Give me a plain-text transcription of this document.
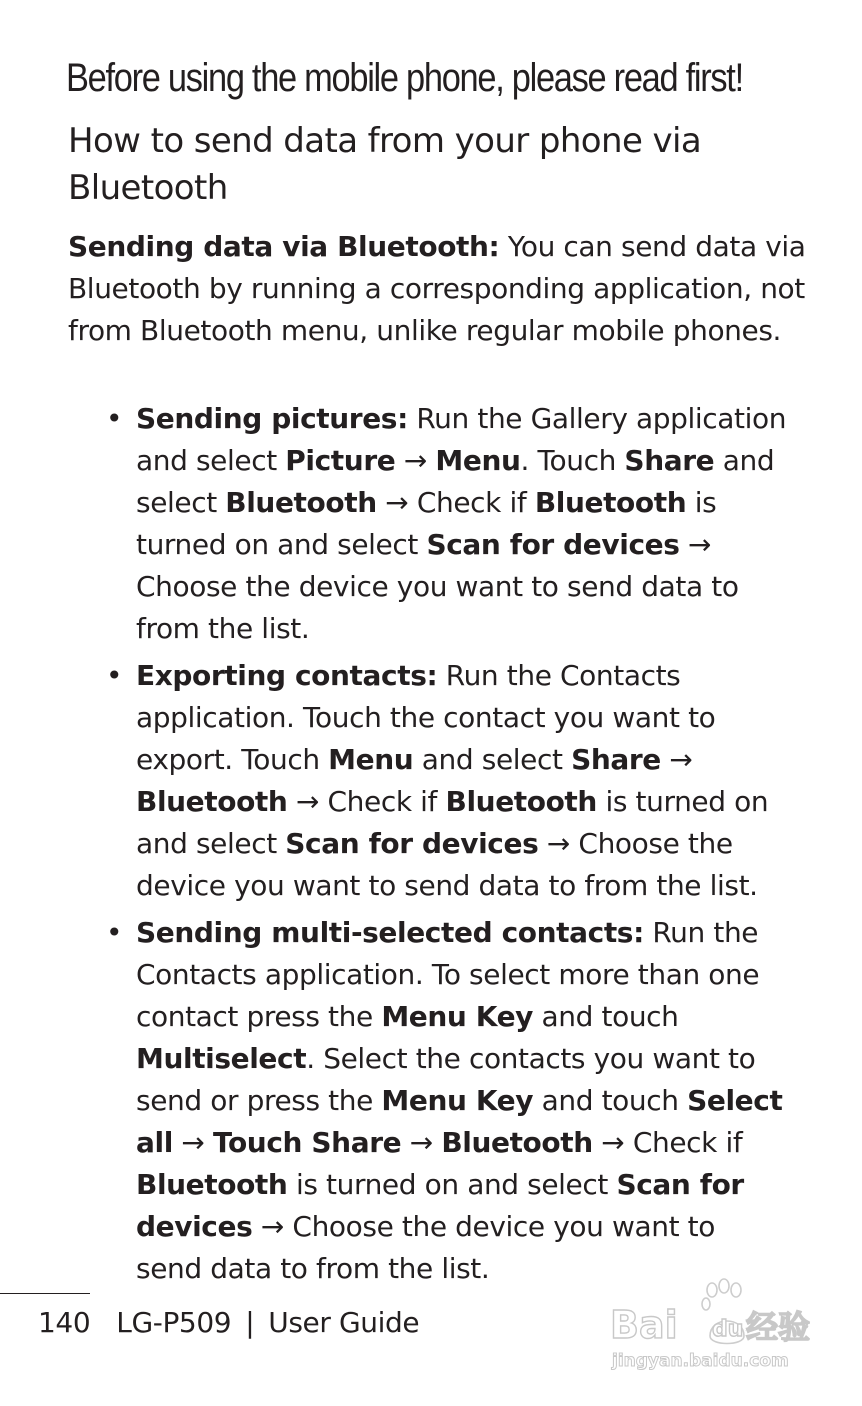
Before using the mobile phone, please read first!
How to send data from your phone via Bluetooth

Sending data via Bluetooth: You can send data via Bluetooth by running a corresponding application, not from Bluetooth menu, unlike regular mobile phones.

• Sending pictures: Run the Gallery application and select Picture → Menu. Touch Share and select Bluetooth → Check if Bluetooth is turned on and select Scan for devices → Choose the device you want to send data to from the list.
• Exporting contacts: Run the Contacts application. Touch the contact you want to export. Touch Menu and select Share → Bluetooth → Check if Bluetooth is turned on and select Scan for devices → Choose the device you want to send data to from the list.
• Sending multi-selected contacts: Run the Contacts application. To select more than one contact press the Menu Key and touch Multiselect. Select the contacts you want to send or press the Menu Key and touch Select all → Touch Share → Bluetooth → Check if Bluetooth is turned on and select Scan for devices → Choose the device you want to send data to from the list.
140 LG-P509 | User Guide	Bai du 经验
jingyan.baidu.com
